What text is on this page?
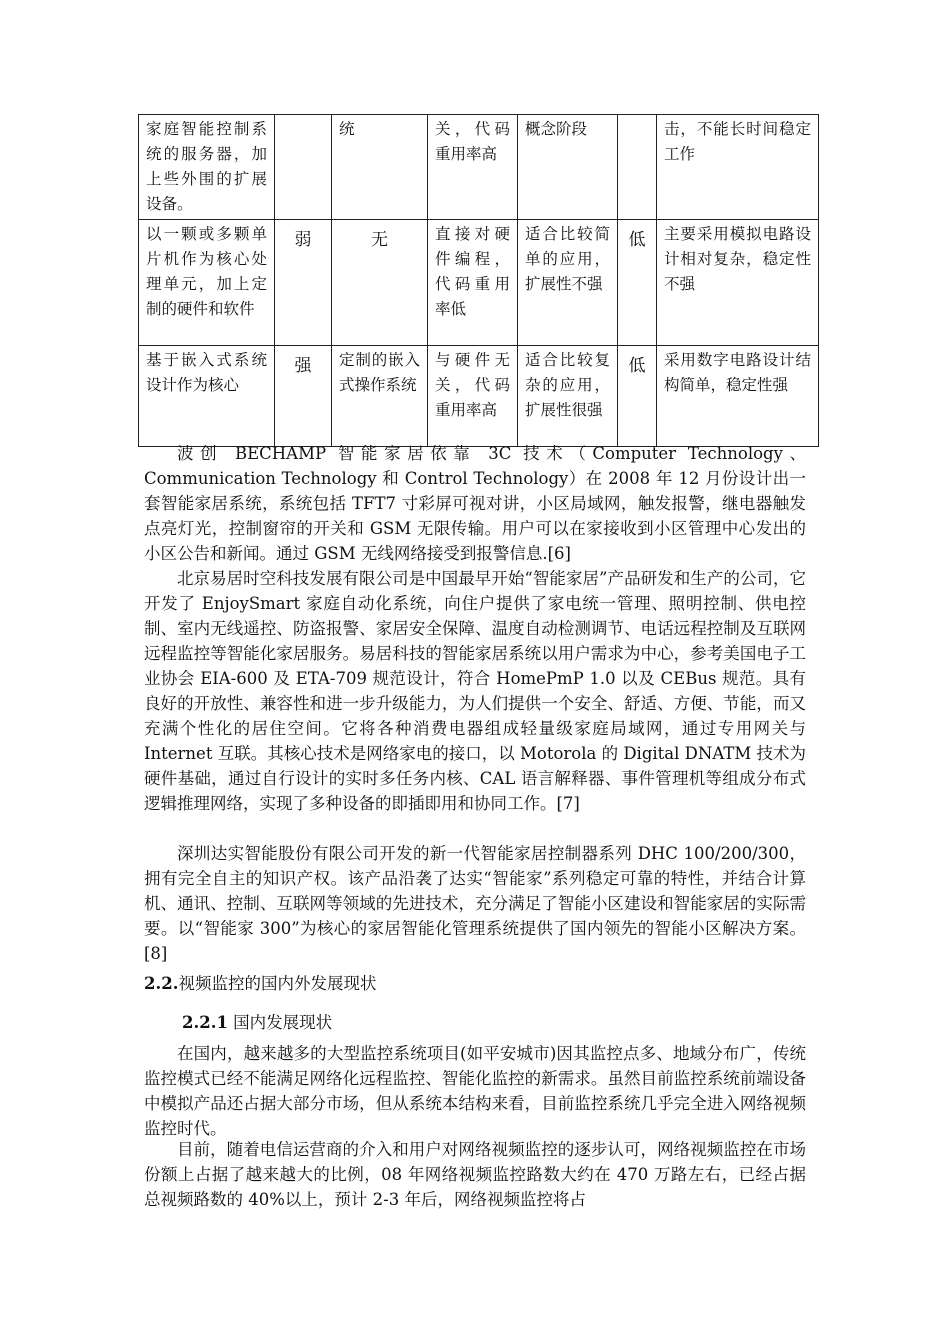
家庭智能控制系统的服务器，加上些外围的扩展设备。		统	关，代码重用率高	概念阶段		击，不能长时间稳定工作
以一颗或多颗单片机作为核心处理单元，加上定制的硬件和软件	弱	无	直接对硬件编程，代码重用率低	适合比较简单的应用，扩展性不强	低	主要采用模拟电路设计相对复杂，稳定性不强
基于嵌入式系统设计作为核心	强	定制的嵌入式操作系统	与硬件无关，代码重用率高	适合比较复杂的应用，扩展性很强	低	采用数字电路设计结构简单，稳定性强

波创 BECHAMP 智能家居依靠 3C 技术（Computer Technology、Communication Technology 和 Control Technology）在 2008 年 12 月份设计出一套智能家居系统，系统包括 TFT7 寸彩屏可视对讲，小区局域网，触发报警，继电器触发点亮灯光，控制窗帘的开关和 GSM 无限传输。用户可以在家接收到小区管理中心发出的小区公告和新闻。通过 GSM 无线网络接受到报警信息.[6]

北京易居时空科技发展有限公司是中国最早开始“智能家居”产品研发和生产的公司，它开发了 EnjoySmart 家庭自动化系统，向住户提供了家电统一管理、照明控制、供电控制、室内无线遥控、防盗报警、家居安全保障、温度自动检测调节、电话远程控制及互联网远程监控等智能化家居服务。易居科技的智能家居系统以用户需求为中心，参考美国电子工业协会 EIA-600 及 ETA-709 规范设计，符合 HomePmP 1.0 以及 CEBus 规范。具有良好的开放性、兼容性和进一步升级能力，为人们提供一个安全、舒适、方便、节能，而又充满个性化的居住空间。它将各种消费电器组成轻量级家庭局域网，通过专用网关与 Internet 互联。其核心技术是网络家电的接口，以 Motorola 的 Digital DNATM 技术为硬件基础，通过自行设计的实时多任务内核、CAL 语言解释器、事件管理机等组成分布式逻辑推理网络，实现了多种设备的即插即用和协同工作。[7]

深圳达实智能股份有限公司开发的新一代智能家居控制器系列 DHC 100/200/300，拥有完全自主的知识产权。该产品沿袭了达实“智能家”系列稳定可靠的特性，并结合计算机、通讯、控制、互联网等领域的先进技术，充分满足了智能小区建设和智能家居的实际需要。以“智能家 300”为核心的家居智能化管理系统提供了国内领先的智能小区解决方案。[8]

2.2.视频监控的国内外发展现状
2.2.1 国内发展现状

在国内，越来越多的大型监控系统项目(如平安城市)因其监控点多、地域分布广，传统监控模式已经不能满足网络化远程监控、智能化监控的新需求。虽然目前监控系统前端设备中模拟产品还占据大部分市场，但从系统本结构来看，目前监控系统几乎完全进入网络视频监控时代。

目前，随着电信运营商的介入和用户对网络视频监控的逐步认可，网络视频监控在市场份额上占据了越来越大的比例，08 年网络视频监控路数大约在 470 万路左右，已经占据总视频路数的 40%以上，预计 2-3 年后，网络视频监控将占
